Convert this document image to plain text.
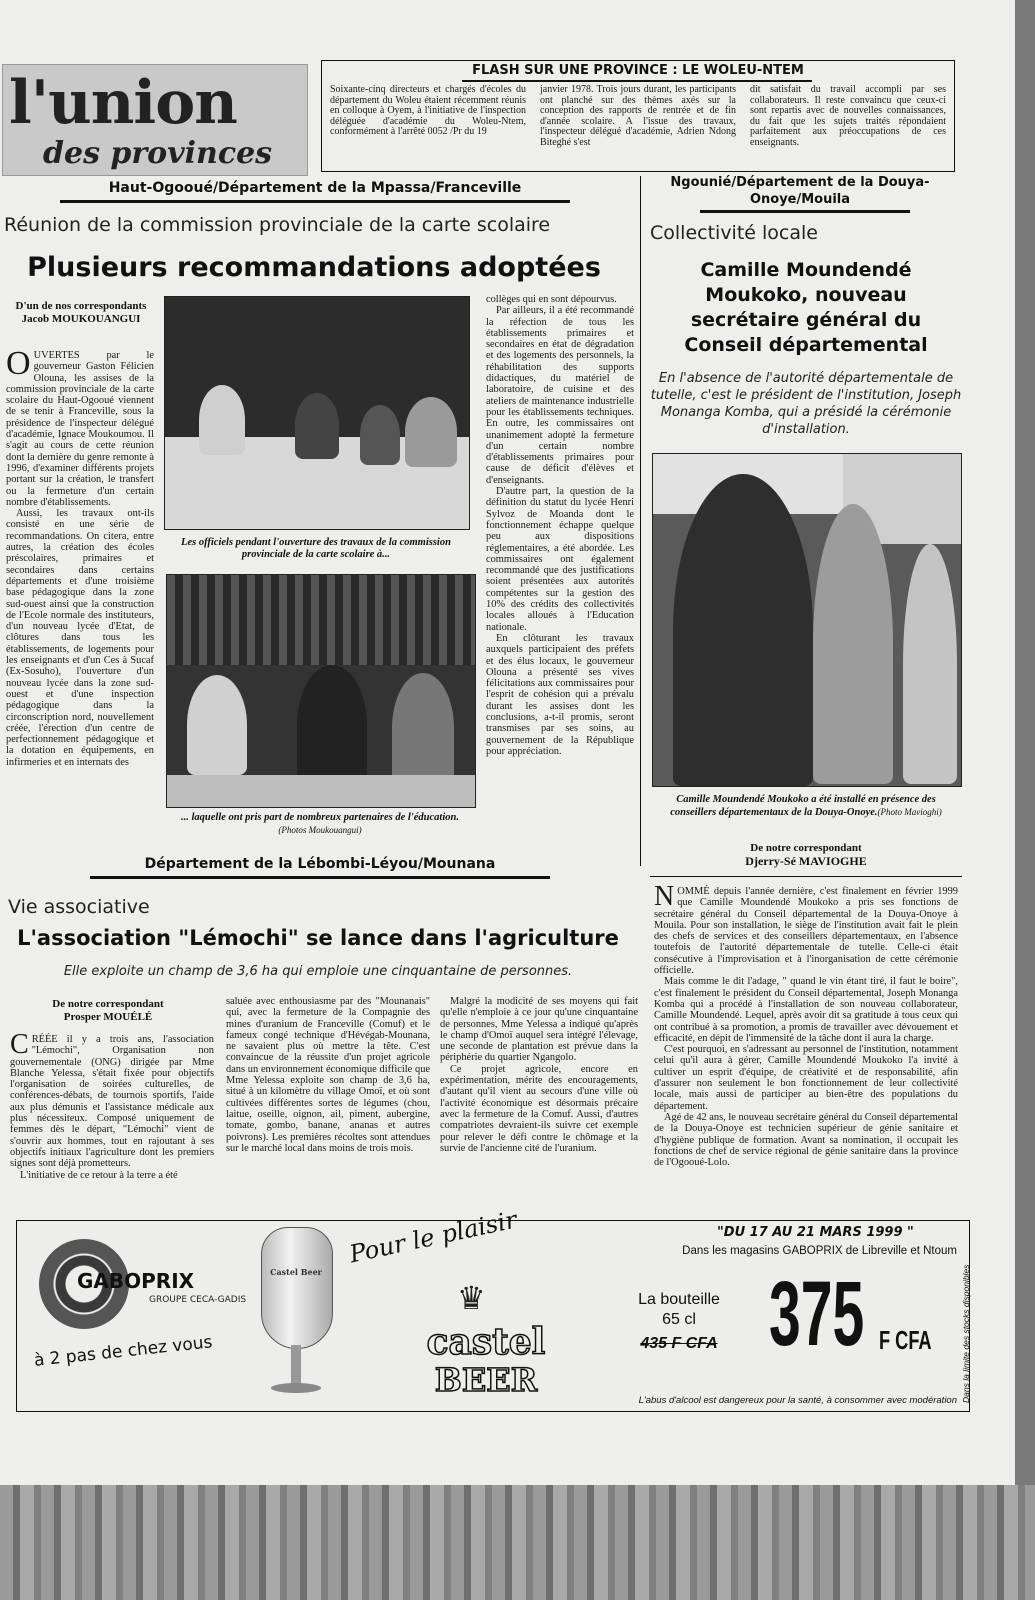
l'union
des provinces
FLASH SUR UNE PROVINCE : LE WOLEU-NTEM

Soixante-cinq directeurs et chargés d'écoles du département du Woleu étaient récemment réunis en colloque à Oyem, à l'initiative de l'inspection déléguée d'académie du Woleu-Ntem, conformément à l'arrêté 0052 /Pr du 19

janvier 1978. Trois jours durant, les participants ont planché sur des thèmes axés sur la conception des rapports de rentrée et de fin d'année scolaire. A l'issue des travaux, l'inspecteur délégué d'académie, Adrien Ndong Biteghé s'est

dit satisfait du travail accompli par ses collaborateurs. Il reste convaincu que ceux-ci sont repartis avec de nouvelles connaissances, du fait que les sujets traités répondaient parfaitement aux préoccupations de ces enseignants.

Haut-Ogooué/Département de la Mpassa/Franceville
Réunion de la commission provinciale de la carte scolaire
Plusieurs recommandations adoptées
D'un de nos correspondants
Jacob MOUKOUANGUI
O UVERTES par le gouverneur Gaston Félicien Olouna, les assises de la commission provinciale de la carte scolaire du Haut-Ogooué viennent de se tenir à Franceville, sous la présidence de l'inspecteur délégué d'académie, Ignace Moukoumou. Il s'agit au cours de cette réunion dont la dernière du genre remonte à 1996, d'examiner différents projets portant sur la création, le transfert ou la fermeture d'un certain nombre d'établissements.

Aussi, les travaux ont-ils consisté en une série de recommandations. On citera, entre autres, la création des écoles préscolaires, primaires et secondaires dans certains départements et d'une troisième base pédagogique dans la zone sud-ouest ainsi que la construction de l'Ecole normale des instituteurs, d'un nouveau lycée d'Etat, de clôtures dans tous les établissements, de logements pour les enseignants et d'un Ces à Sucaf (Ex-Sosuho), l'ouverture d'un nouveau lycée dans la zone sud-ouest et d'une inspection pédagogique dans la circonscription nord, nouvellement créée, l'érection d'un centre de perfectionnement pédagogique et la dotation en équipements, en infirmeries et en internats des

Les officiels pendant l'ouverture des travaux de la commission provinciale de la carte scolaire à...
... laquelle ont pris part de nombreux partenaires de l'éducation. (Photos Moukouangui)

collèges qui en sont dépourvus.

Par ailleurs, il a été recommandé la réfection de tous les établissements primaires et secondaires en état de dégradation et des logements des personnels, la réhabilitation des supports didactiques, du matériel de laboratoire, de cuisine et des ateliers de maintenance industrielle pour les établissements techniques. En outre, les commissaires ont unanimement adopté la fermeture d'un certain nombre d'établissements primaires pour cause de déficit d'élèves et d'enseignants.

D'autre part, la question de la définition du statut du lycée Henri Sylvoz de Moanda dont le fonctionnement échappe quelque peu aux dispositions réglementaires, a été abordée. Les commissaires ont également recommandé que des justifications soient présentées aux autorités compétentes sur la gestion des 10% des crédits des collectivités locales alloués à l'Education nationale.

En clôturant les travaux auxquels participaient des préfets et des élus locaux, le gouverneur Olouna a présenté ses vives félicitations aux commissaires pour l'esprit de cohésion qui a prévalu durant les assises dont les conclusions, a-t-il promis, seront transmises par ses soins, au gouvernement de la République pour appréciation.

Ngounié/Département de la Douya-Onoye/Mouila
Collectivité locale
Camille Moundendé Moukoko, nouveau secrétaire général du Conseil départemental
En l'absence de l'autorité départementale de tutelle, c'est le président de l'institution, Joseph Monanga Komba, qui a présidé la cérémonie d'installation.
Camille Moundendé Moukoko a été installé en présence des conseillers départementaux de la Douya-Onoye.(Photo Mavioghi)
De notre correspondant
Djerry-Sé MAVIOGHE
N OMMÉ depuis l'année dernière, c'est finalement en février 1999 que Camille Moundendé Moukoko a pris ses fonctions de secrétaire général du Conseil départemental de la Douya-Onoye à Mouila. Pour son installation, le siège de l'institution avait fait le plein des chefs de services et des conseillers départementaux, en l'absence toutefois de l'autorité départementale de tutelle. Celle-ci était consécutive à l'improvisation et à l'inorganisation de cette cérémonie officielle.

Mais comme le dit l'adage, " quand le vin étant tiré, il faut le boire", c'est finalement le président du Conseil départemental, Joseph Monanga Komba qui a procédé à l'installation de son nouveau collaborateur, Camille Moundendé. Lequel, après avoir dit sa gratitude à tous ceux qui ont contribué à sa promotion, a promis de travailler avec dévouement et efficacité, en dépit de l'immensité de la tâche dont il aura la charge.

C'est pourquoi, en s'adressant au personnel de l'institution, notamment celui qu'il aura à gérer, Camille Moundendé Moukoko l'a invité à cultiver un esprit d'équipe, de créativité et de responsabilité, afin d'assurer non seulement le bon fonctionnement de leur collectivité locale, mais aussi de participer au bien-être des populations du département.

Agé de 42 ans, le nouveau secrétaire général du Conseil départemental de la Douya-Onoye est technicien supérieur de génie sanitaire et d'hygiène publique de formation. Avant sa nomination, il occupait les fonctions de chef de service régional de génie sanitaire dans la province de l'Ogooué-Lolo.

Département de la Lébombi-Léyou/Mounana
Vie associative
L'association "Lémochi" se lance dans l'agriculture
Elle exploite un champ de 3,6 ha qui emploie une cinquantaine de personnes.
De notre correspondant
Prosper MOUÉLÉ
C RÉÉE il y a trois ans, l'association "Lémochi", Organisation non gouvernementale (ONG) dirigée par Mme Blanche Yelessa, s'était fixée pour objectifs l'organisation de soirées culturelles, de conférences-débats, de tournois sportifs, l'aide aux plus démunis et l'assistance médicale aux plus nécessiteux. Composé uniquement de femmes dès le départ, "Lémochi" vient de s'ouvrir aux hommes, tout en rajoutant à ses objectifs initiaux l'agriculture dont les premiers signes sont déjà prometteurs.

L'initiative de ce retour à la terre a été

saluée avec enthousiasme par des "Mounanais" qui, avec la fermeture de la Compagnie des mines d'uranium de Franceville (Comuf) et le fameux congé technique d'Hévégab-Mounana, ne savaient plus où mettre la tête. C'est convaincue de la réussite d'un projet agricole dans un environnement économique difficile que Mme Yelessa exploite son champ de 3,6 ha, situé à un kilomètre du village Omoï, et où sont cultivées différentes sortes de légumes (chou, laitue, oseille, oignon, ail, piment, aubergine, tomate, gombo, banane, ananas et autres poivrons). Les premières récoltes sont attendues sur le marché local dans moins de trois mois.

Malgré la modicité de ses moyens qui fait qu'elle n'emploie à ce jour qu'une cinquantaine de personnes, Mme Yelessa a indiqué qu'après le champ d'Omoï auquel sera intégré l'élevage, une seconde de plantation est prévue dans la périphérie du quartier Ngangolo.

Ce projet agricole, encore en expérimentation, mérite des encouragements, d'autant qu'il vient au secours d'une ville où l'activité économique est désormais précaire avec la fermeture de la Comuf. Aussi, d'autres compatriotes devraient-ils suivre cet exemple pour relever le défi contre le chômage et la survie de l'ancienne cité de l'uranium.

GABOPRIX
GROUPE CECA-GADIS
à 2 pas de chez vous
Castel Beer
Pour le plaisir
♛
castel
BEER
"DU 17 AU 21 MARS 1999 "
Dans les magasins GABOPRIX de Libreville et Ntoum
La bouteille
65 cl
435 F CFA 375 F CFA	Dans la limite des stocks disponibles
L'abus d'alcool est dangereux pour la santé, à consommer avec modération
